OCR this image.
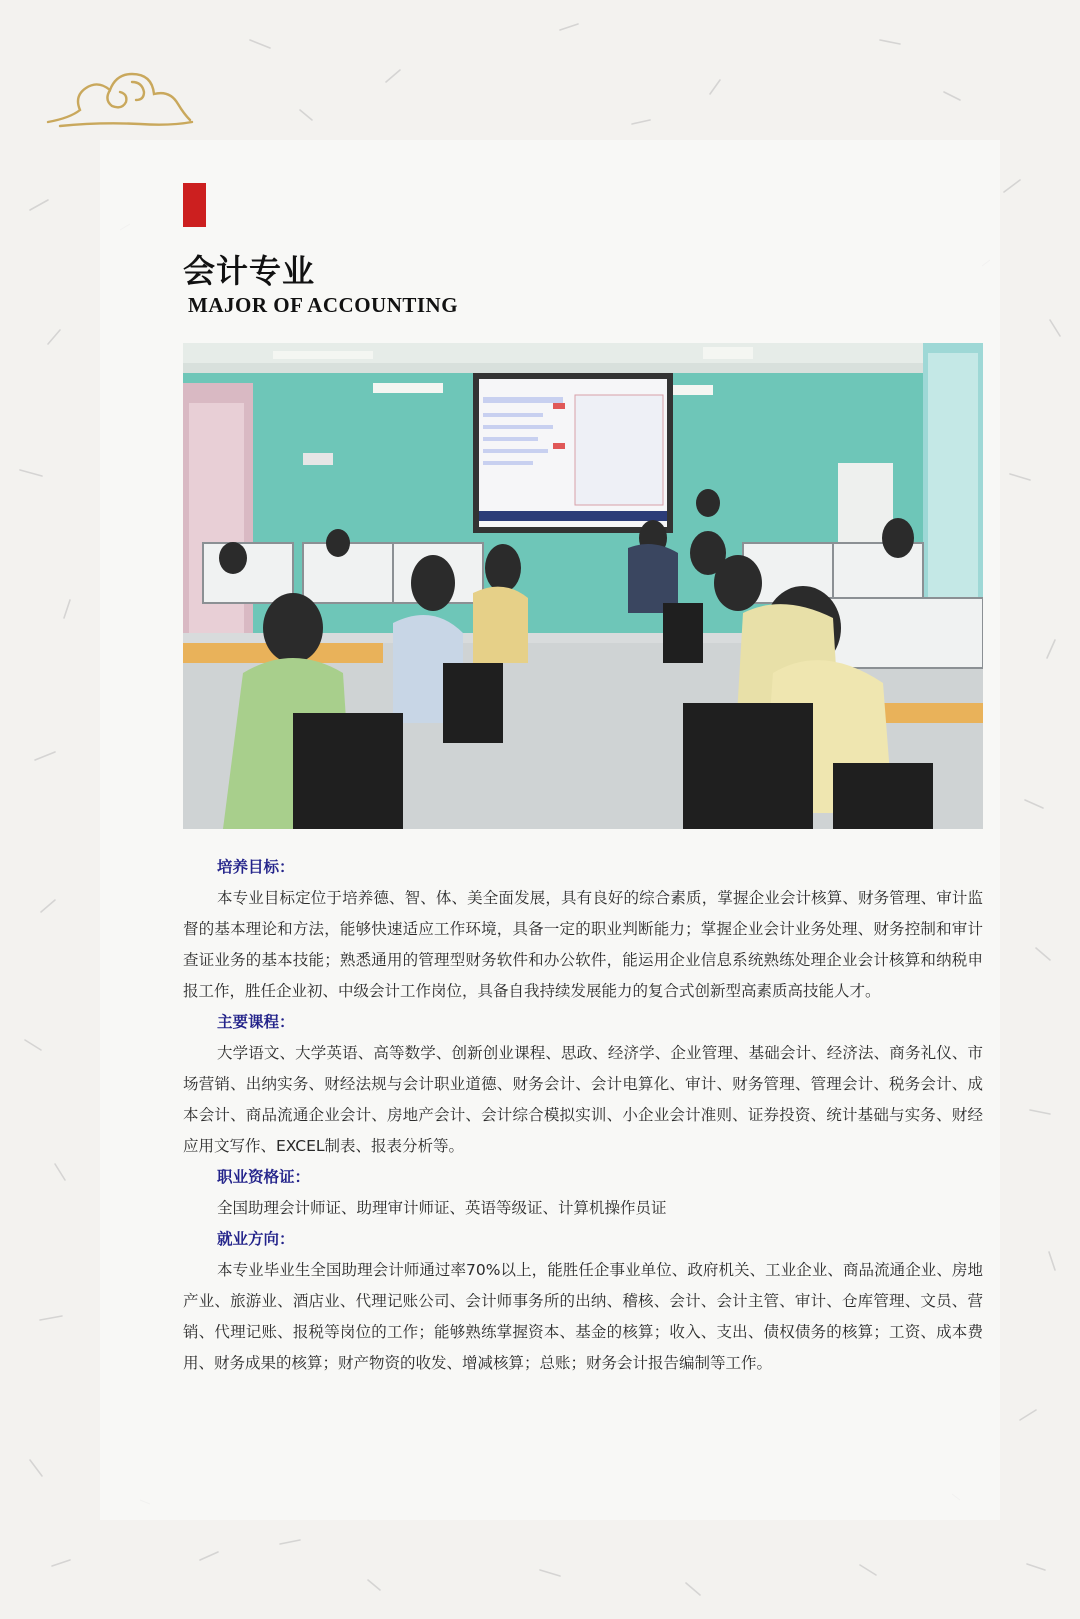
会计专业
MAJOR OF ACCOUNTING
培养目标：
本专业目标定位于培养德、智、体、美全面发展，具有良好的综合素质，掌握企业会计核算、财务管理、审计监督的基本理论和方法，能够快速适应工作环境，具备一定的职业判断能力；掌握企业会计业务处理、财务控制和审计查证业务的基本技能；熟悉通用的管理型财务软件和办公软件，能运用企业信息系统熟练处理企业会计核算和纳税申报工作，胜任企业初、中级会计工作岗位，具备自我持续发展能力的复合式创新型高素质高技能人才。
主要课程：
大学语文、大学英语、高等数学、创新创业课程、思政、经济学、企业管理、基础会计、经济法、商务礼仪、市场营销、出纳实务、财经法规与会计职业道德、财务会计、会计电算化、审计、财务管理、管理会计、税务会计、成本会计、商品流通企业会计、房地产会计、会计综合模拟实训、小企业会计准则、证券投资、统计基础与实务、财经应用文写作、EXCEL制表、报表分析等。
职业资格证：
全国助理会计师证、助理审计师证、英语等级证、计算机操作员证
就业方向：
本专业毕业生全国助理会计师通过率70%以上，能胜任企事业单位、政府机关、工业企业、商品流通企业、房地产业、旅游业、酒店业、代理记账公司、会计师事务所的出纳、稽核、会计、会计主管、审计、仓库管理、文员、营销、代理记账、报税等岗位的工作；能够熟练掌握资本、基金的核算；收入、支出、债权债务的核算；工资、成本费用、财务成果的核算；财产物资的收发、增减核算；总账；财务会计报告编制等工作。
